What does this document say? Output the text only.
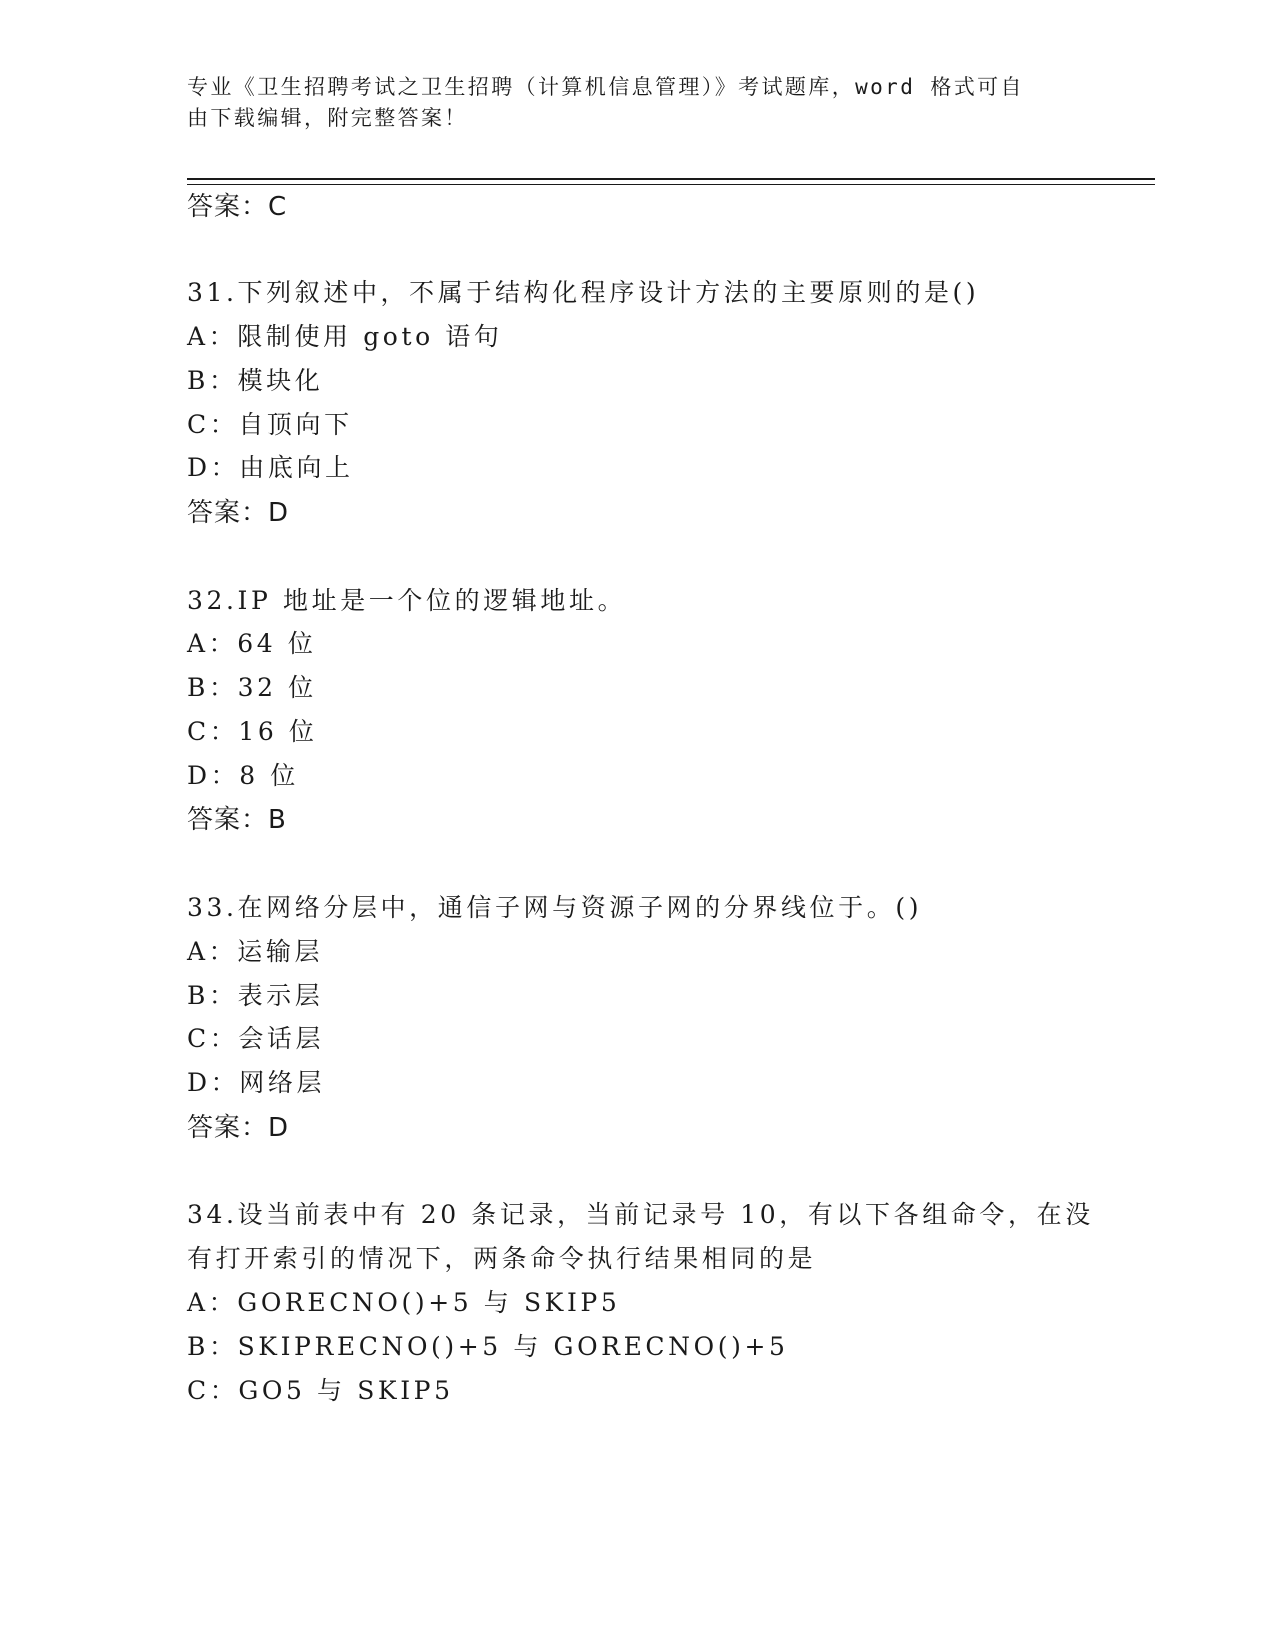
专业《卫生招聘考试之卫生招聘（计算机信息管理）》考试题库，word 格式可自
由下载编辑，附完整答案！
答案：C
31.下列叙述中，不属于结构化程序设计方法的主要原则的是()
A：限制使用 goto 语句
B：模块化
C：自顶向下
D：由底向上
答案：D
32.IP 地址是一个位的逻辑地址。
A：64 位
B：32 位
C：16 位
D：8 位
答案：B
33.在网络分层中，通信子网与资源子网的分界线位于。()
A：运输层
B：表示层
C：会话层
D：网络层
答案：D
34.设当前表中有 20 条记录，当前记录号 10，有以下各组命令，在没
有打开索引的情况下，两条命令执行结果相同的是
A：GORECNO()+5 与 SKIP5
B：SKIPRECNO()+5 与 GORECNO()+5
C：GO5 与 SKIP5
